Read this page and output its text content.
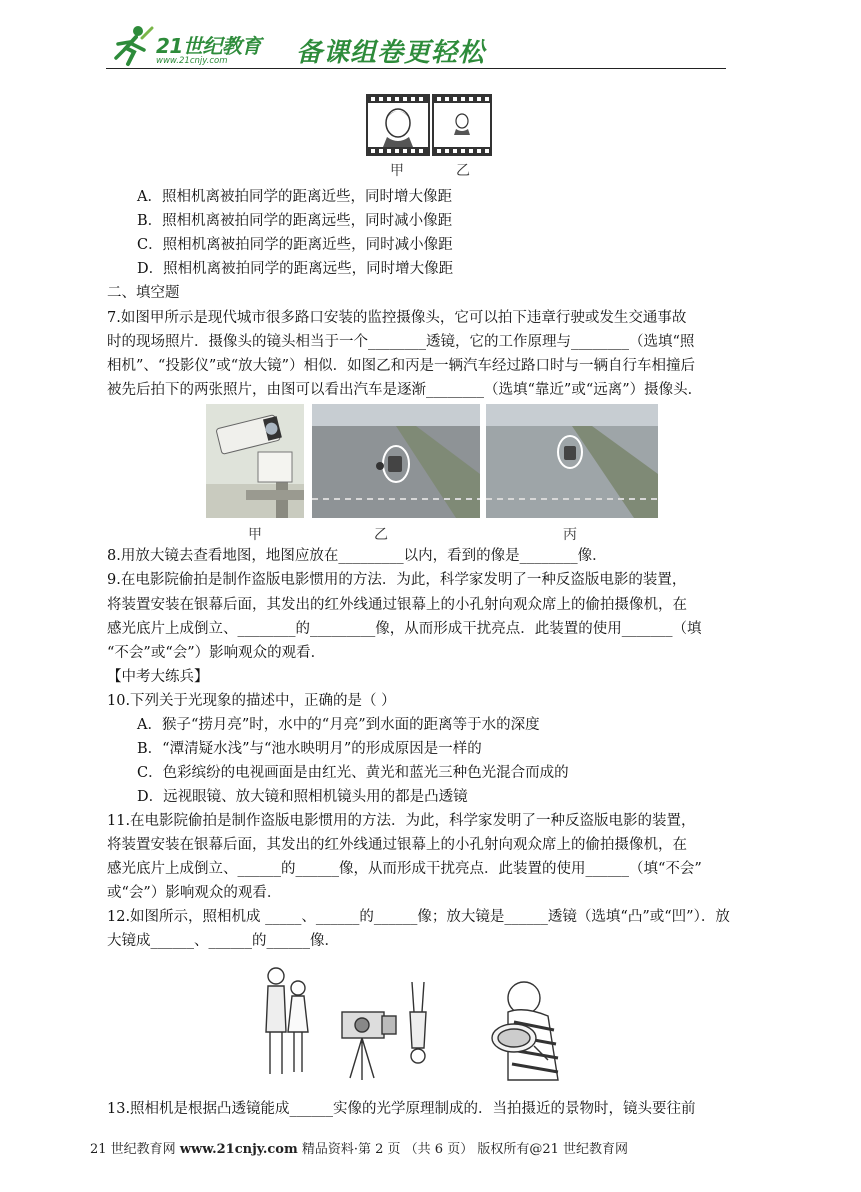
21世纪教育
www.21cnjy.com	备课组卷更轻松
甲	乙
A．照相机离被拍同学的距离近些，同时增大像距
B．照相机离被拍同学的距离远些，同时减小像距
C．照相机离被拍同学的距离近些，同时减小像距
D．照相机离被拍同学的距离远些，同时增大像距
二、填空题
7.如图甲所示是现代城市很多路口安装的监控摄像头，它可以拍下违章行驶或发生交通事故
时的现场照片．摄像头的镜头相当于一个________透镜，它的工作原理与________（选填“照
相机”、“投影仪”或“放大镜”）相似．如图乙和丙是一辆汽车经过路口时与一辆自行车相撞后
被先后拍下的两张照片，由图可以看出汽车是逐渐________（选填“靠近”或“远离”）摄像头．
甲	乙	丙
8.用放大镜去查看地图，地图应放在_________以内，看到的像是________像．
9.在电影院偷拍是制作盗版电影惯用的方法．为此，科学家发明了一种反盗版电影的装置，
将装置安装在银幕后面，其发出的红外线通过银幕上的小孔射向观众席上的偷拍摄像机，在
感光底片上成倒立、________的_________像，从而形成干扰亮点．此装置的使用_______（填
“不会”或“会”）影响观众的观看．
【中考大练兵】
10.下列关于光现象的描述中，正确的是（ ）
A．猴子“捞月亮”时，水中的“月亮”到水面的距离等于水的深度
B．“潭清疑水浅”与“池水映明月”的形成原因是一样的
C．色彩缤纷的电视画面是由红光、黄光和蓝光三种色光混合而成的
D．远视眼镜、放大镜和照相机镜头用的都是凸透镜
11.在电影院偷拍是制作盗版电影惯用的方法．为此，科学家发明了一种反盗版电影的装置，
将装置安装在银幕后面，其发出的红外线通过银幕上的小孔射向观众席上的偷拍摄像机，在
感光底片上成倒立、______的______像，从而形成干扰亮点．此装置的使用______（填“不会”
或“会”）影响观众的观看．
12.如图所示，照相机成 _____、______的______像；放大镜是______透镜（选填“凸”或“凹”）．放
大镜成______、______的______像．
13.照相机是根据凸透镜能成______实像的光学原理制成的．当拍摄近的景物时，镜头要往前
21 世纪教育网 www.21cnjy.com 精品资料·第 2 页 （共 6 页） 版权所有@21 世纪教育网
